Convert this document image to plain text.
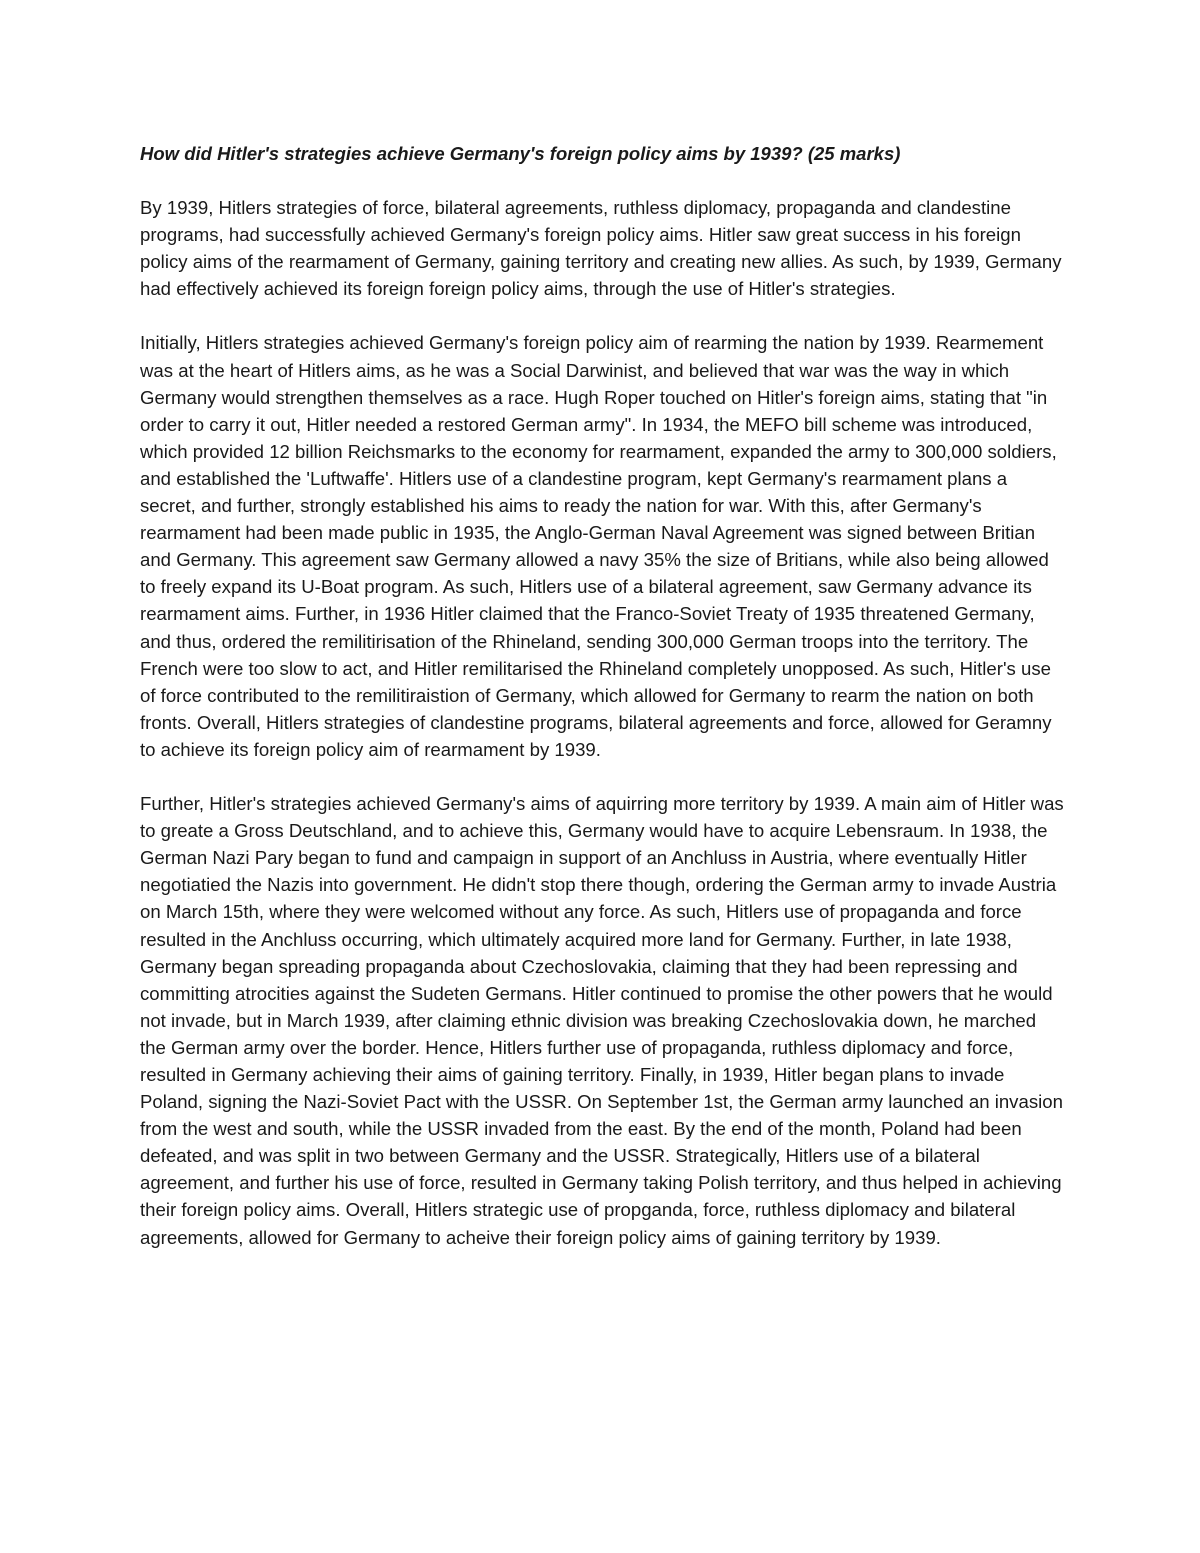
How did Hitler's strategies achieve Germany's foreign policy aims by 1939? (25 marks)

By 1939, Hitlers strategies of force, bilateral agreements, ruthless diplomacy, propaganda and clandestine programs, had successfully achieved Germany's foreign policy aims. Hitler saw great success in his foreign policy aims of the rearmament of Germany, gaining territory and creating new allies. As such, by 1939, Germany had effectively achieved its foreign foreign policy aims, through the use of Hitler's strategies.

Initially, Hitlers strategies achieved Germany's foreign policy aim of rearming the nation by 1939. Rearmement was at the heart of Hitlers aims, as he was a Social Darwinist, and believed that war was the way in which Germany would strengthen themselves as a race. Hugh Roper touched on Hitler's foreign aims, stating that "in order to carry it out, Hitler needed a restored German army". In 1934, the MEFO bill scheme was introduced, which provided 12 billion Reichsmarks to the economy for rearmament, expanded the army to 300,000 soldiers, and established the 'Luftwaffe'. Hitlers use of a clandestine program, kept Germany's rearmament plans a secret, and further, strongly established his aims to ready the nation for war. With this, after Germany's rearmament had been made public in 1935, the Anglo-German Naval Agreement was signed between Britian and Germany. This agreement saw Germany allowed a navy 35% the size of Britians, while also being allowed to freely expand its U-Boat program. As such, Hitlers use of a bilateral agreement, saw Germany advance its rearmament aims. Further, in 1936 Hitler claimed that the Franco-Soviet Treaty of 1935 threatened Germany, and thus, ordered the remilitirisation of the Rhineland, sending 300,000 German troops into the territory. The French were too slow to act, and Hitler remilitarised the Rhineland completely unopposed. As such, Hitler's use of force contributed to the remilitiraistion of Germany, which allowed for Germany to rearm the nation on both fronts. Overall, Hitlers strategies of clandestine programs, bilateral agreements and force, allowed for Geramny to achieve its foreign policy aim of rearmament by 1939.

Further, Hitler's strategies achieved Germany's aims of aquirring more territory by 1939. A main aim of Hitler was to greate a Gross Deutschland, and to achieve this, Germany would have to acquire Lebensraum. In 1938, the German Nazi Pary began to fund and campaign in support of an Anchluss in Austria, where eventually Hitler negotiatied the Nazis into government. He didn't stop there though, ordering the German army to invade Austria on March 15th, where they were welcomed without any force. As such, Hitlers use of propaganda and force resulted in the Anchluss occurring, which ultimately acquired more land for Germany. Further, in late 1938, Germany began spreading propaganda about Czechoslovakia, claiming that they had been repressing and committing atrocities against the Sudeten Germans. Hitler continued to promise the other powers that he would not invade, but in March 1939, after claiming ethnic division was breaking Czechoslovakia down, he marched the German army over the border. Hence, Hitlers further use of propaganda, ruthless diplomacy and force, resulted in Germany achieving their aims of gaining territory. Finally, in 1939, Hitler began plans to invade Poland, signing the Nazi-Soviet Pact with the USSR. On September 1st, the German army launched an invasion from the west and south, while the USSR invaded from the east. By the end of the month, Poland had been defeated, and was split in two between Germany and the USSR. Strategically, Hitlers use of a bilateral agreement, and further his use of force, resulted in Germany taking Polish territory, and thus helped in achieving their foreign policy aims. Overall, Hitlers strategic use of propganda, force, ruthless diplomacy and bilateral agreements, allowed for Germany to acheive their foreign policy aims of gaining territory by 1939.
